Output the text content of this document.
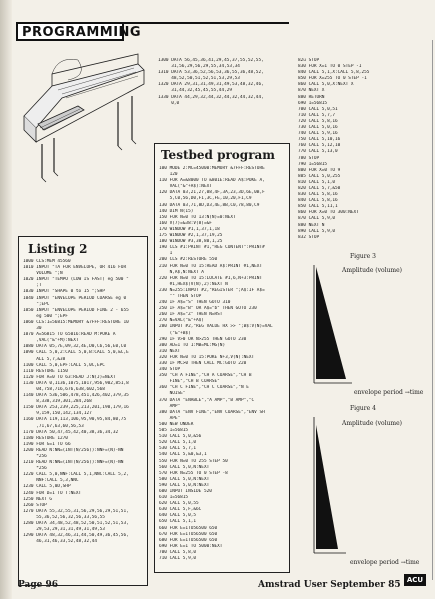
PROGRAMMING
Listing 2
1000 CLS:MEM 45560
1010 INPUT "TA FOR ENVELOPE, OR 416 FOR
VOLUME ";N
1020 INPUT "TEMPO (LOW IS FAST) eg 500 "
;T
1030 INPUT "SHAPE 0 to 15 ";SHP
1040 INPUT "ENVELOPE PERIOD COARSE eg 0
";EPC
1050 INPUT "ENVELOPE PERIOD FINE 2 - 655
eg 500 ";EPF
1060 CLS:1=56815:MEMORY &7FFF:RESTORE 10
30
1070 A=56815 TO 65016:READ M:POKE A
,VAL("&"+M):NEXT
1080 DATA 05,7E,09,32,4E,D0,C6,56,E0,C0
1090 CALL 5,0,2:CALL 5,0,B:CALL 5,0,&C,E
ALL 5,7,&38
1100 CALL 5,0,EPF:CALL 5,0C,EPC
1110 RESTORE 1150
1120 FOR A=0 TO 63:READ J:N(J)=NEXT
1130 DATA 0,1136,1075,1017,956,902,851,8
04,758,716,676,638,602,568
1140 DATA 536,506,478,451,426,402,379,35
8,338,319,301,284,268
1150 DATA 253,239,225,213,201,190,179,16
9,159,150,142,134,127
1160 DATA 119,113,106,95,90,95,84,80,75
,71,67,63,60,56,53
1170 DATA 50,47,45,42,40,38,36,34,32
1180 RESTORE 1270
1190 FOR G=1 TO 66
1200 READ N:NN=(INT(N/256)):NNF=(N)-NN
*256
1210 READ N:NN=(INT(N/256)):NNF=(N)-NN
*256
1220 CALL 5,0,NNF:CALL 5,1,NNC:CALL 5,2,
NNF:CALL 5,3,NNC
1230 CALL 5,0D,SHP
1240 FOR D=1 TO T:NEXT
1250 NEXT G
1260 STOP
1270 DATA 55,32,55,31,56,29,56,29,51,51,
55,36,52,56,32,56,33,56,55
1280 DATA 34,48,52,48,52,50,51,52,51,53,
29,53,29,31,31,49,31,49,53
1290 DATA 48,32,46,31,44,50,49,36,45,56,
46,31,46,33,52,48,32,44
1300 DATA 56,45,36,41,29,45,37,55,52,55,
31,56,29,56,29,55,34,53,34
1310 DATA 53,36,52,56,53,36,55,36,48,52,
48,52,50,51,52,51,53,29,53
1320 DATA 29,31,31,49,31,49,53,48,32,46,
31,44,32,45,45,55,44,29
1330 DATA 44,29,32,44,32,44,32,44,32,44,
0,0
Testbed program
100 MODE 2:MC=45000:MEMORY &7FFF:RESTORE
120
110 FOR A=&8000 TO &801E:READ A$:POKE A,
VAL("&"+A$):NEXT
120 DATA 03,21,27,08,4F,3A,23,3D,6E,0B,F
5,C0,56,D0,F1,3C,FE,10,20,F1,C9
130 DATA 03,71,8D,D3,4E,8B,C0,78,80,C9
140 DIM N(15)
150 FOR N=0 TO 13:N(N)=0:NEXT
160 V(7)=&38:V(8)=&F
170 WINDOW #1,1,37,1,18
175 WINDOW #2,1,37,19,25
180 WINDOW #3,38,80,1,25
190 CLS #1:PRINT #1,"REG CONTENT":PRINT#
1
200 CLS #2:RESTORE 550
210 FOR N=0 TO 15:READ A$:PRINT #1,NEXT
N,A$,N:NEXT A
220 FOR N=0 TO 15:LOCATE #1,6,N+3:PRINT
#1,HEX$(V(N),2):NEXT N
230 N=255:INPUT #2,"REGISTER ";A$:IF A$=
"" THEN STOP
240 IF A$="S" THEN GOTO 310
250 IF A$="B" OR A$="b" THEN GOTO 230
260 IF A$="Z" THEN N=RST
270 N=VAL("&"+A$)
280 INPUT #2,"REG VALUE HX >> ";B$:V(N)=VAL
("&"+B$)
290 IF V>0 OR N>255 THEN GOTO 230
300 AD=1 TO 1:MB=ML:MG(N)
310 NEXT
320 FOR N=0 TO 15:POKE N+3,V(N):NEXT
330 IF MC>0 THEN CALL MC:GOTO 220
340 STOP
350 "CH A FINE","CH A COARSE","CH B
FINE","CH B COARSE"
360 "CH C FINE","CH C COARSE","N E
NOISE"
370 DATA "ENABLE","A AMP","B AMP","C
AMP"
380 DATA "ENV FINE","ENV COARSE","ENV SH
APE"
500 NEW UNDER
505 1=56815
510 CALL 5,0,&56
520 CALL 5,1,0
530 CALL 5,7,1
540 CALL 5,&0,&3,1
550 FOR N=0 TO 255 STEP 50
560 CALL 5,0,N:NEXT
570 FOR N=255 TO 0 STEP -8
580 CALL 5,0,N:NEXT
590 CALL 5,0,N:NEXT
600 INPUT INSIDE 520
610 1=56815
620 CALL 5,0,55
630 CALL 5,F,&6C
640 CALL 5,0,5
650 CALL 5,1,1
660 FOR E=1TO56500 650
670 FOR E=1TO56500 650
680 FOR E=1TO56500 650
690 FOR E=1 TO 5000:NEXT
700 CALL 5,8,0
710 CALL 5,9,0
82u STOP
830 FOR X=1 TO 0 STEP -1
840 CALL 5,1,X:CALL 5,8,255
850 FOR X=255 TO 0 STEP -1
860 CALL 5,0,X:NEXT X
870 NEXT X
880 RETURN
690 1=56815
700 CALL 5,0,51
710 CALL 5,7,7
720 CALL 5,8,16
730 CALL 5,0,16
740 CALL 5,9,16
750 CALL 5,10,16
760 CALL 5,12,10
770 CALL 5,13,0
780 STOP
790 1=56815
800 FOR X=0 TO 9
805 CALL 5,0,255
810 CALL 5,1,0
820 CALL 5,7,&50
830 CALL 5,8,16
840 CALL 5,8,16
850 CALL 5,11,1
860 FOR X=0 TO 300:NEXT
870 CALL 5,9,0
880 NEXT N
890 CALL 5,9,0
832 STOP
Figure 3
Amplitude (volume)
envelope period →time
Figure 4
Amplitude (volume)
envelope period →time
Page 96	Amstrad User September 85 ACU
